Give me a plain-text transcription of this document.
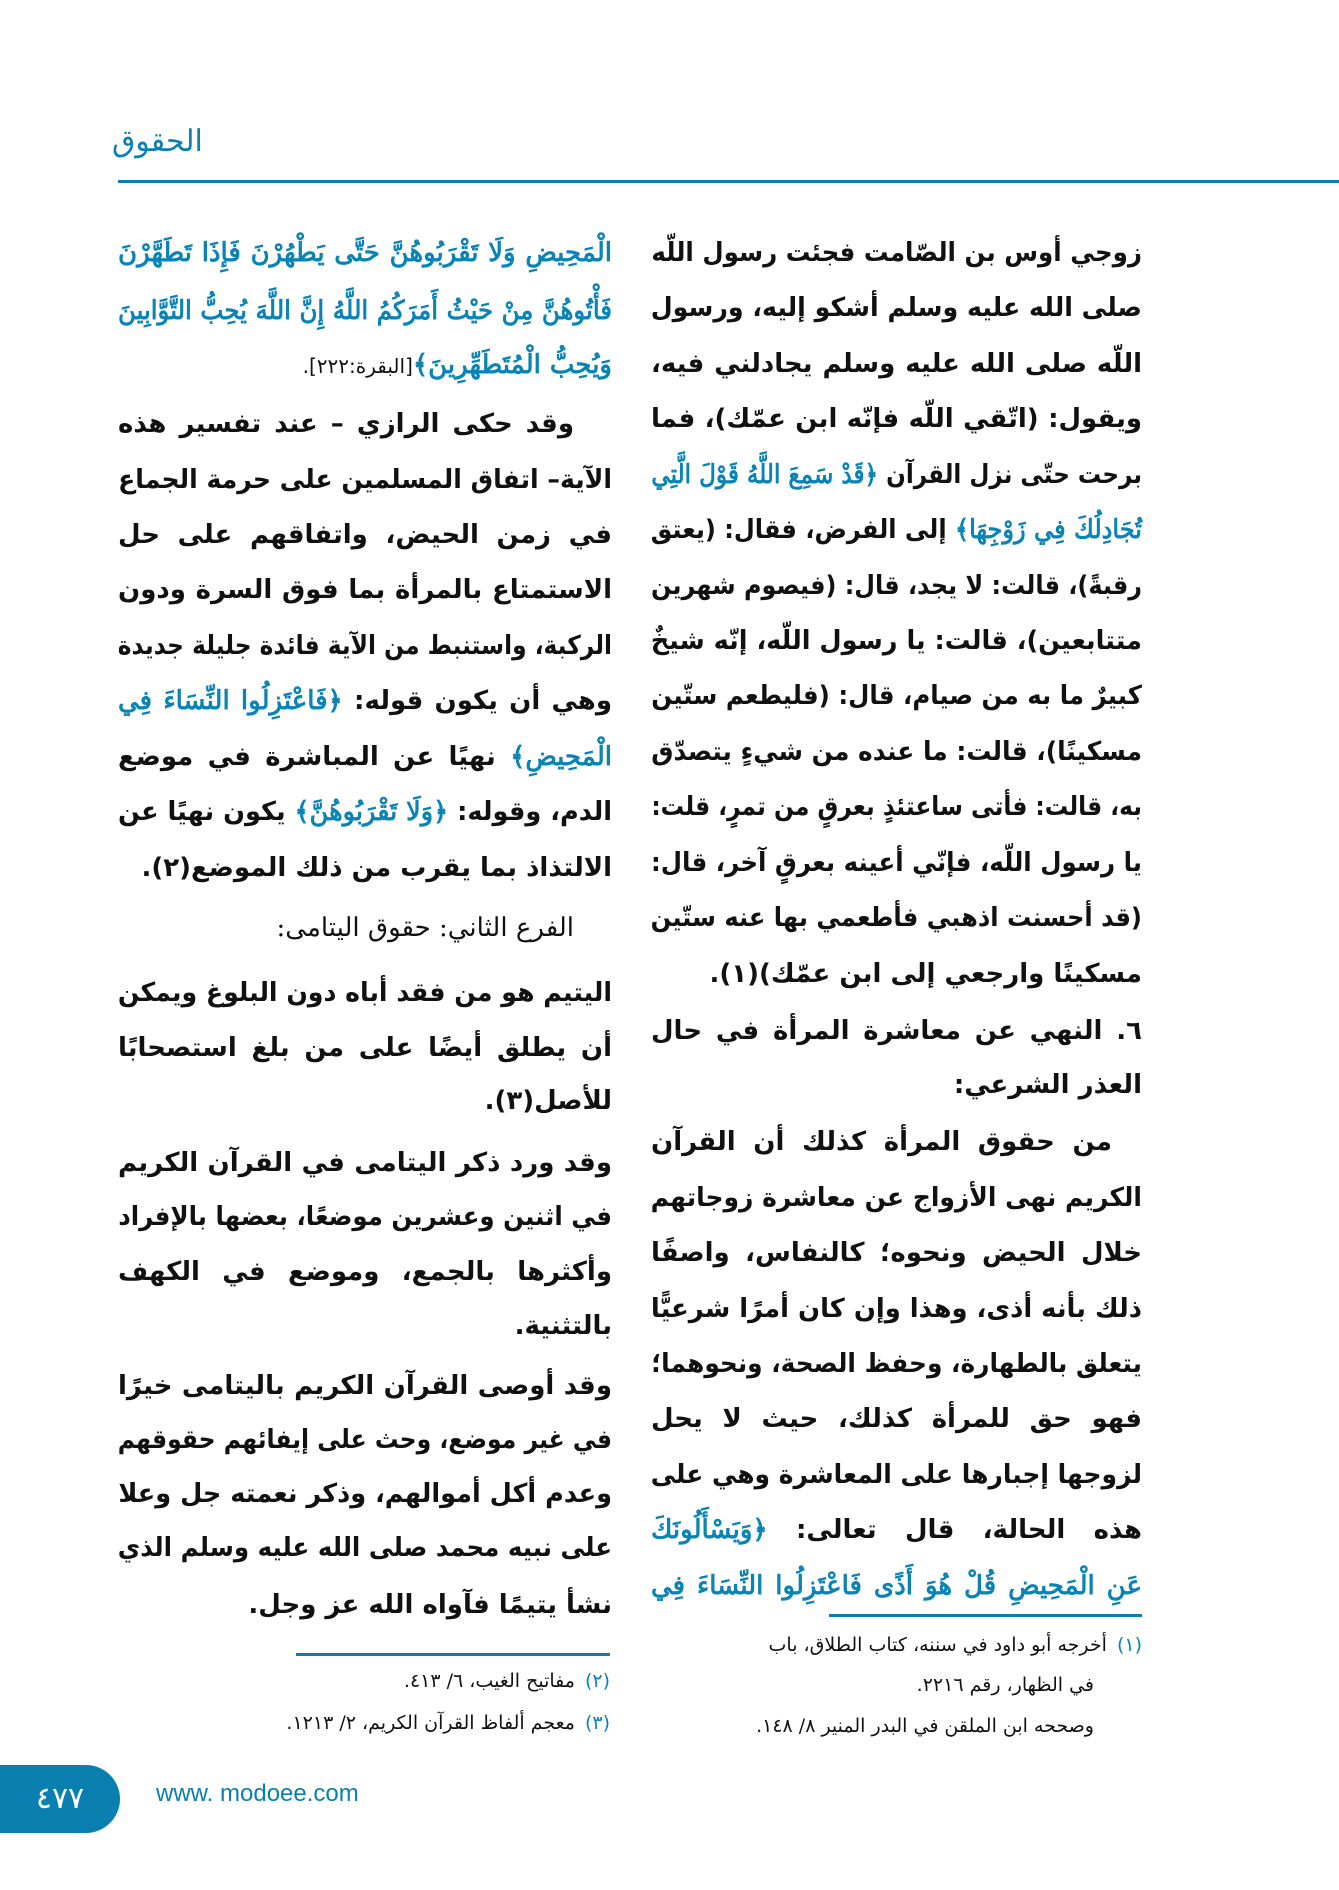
الحقوق
زوجي أوس بن الصّامت فجئت رسول اللّه
صلى الله عليه وسلم أشكو إليه، ورسول
اللّه صلى الله عليه وسلم يجادلني فيه،
ويقول: (اتّقي اللّه فإنّه ابن عمّك)، فما
برحت حتّى نزل القرآن ﴿قَدْ سَمِعَ اللَّهُ قَوْلَ الَّتِي
تُجَادِلُكَ فِي زَوْجِهَا﴾ إلى الفرض، فقال: (يعتق
رقبةً)، قالت: لا يجد، قال: (فيصوم شهرين
متتابعين)، قالت: يا رسول اللّه، إنّه شيخٌ
كبيرٌ ما به من صيام، قال: (فليطعم ستّين
مسكينًا)، قالت: ما عنده من شيءٍ يتصدّق
به، قالت: فأتى ساعتئذٍ بعرقٍ من تمرٍ، قلت:
يا رسول اللّه، فإنّي أعينه بعرقٍ آخر، قال:
(قد أحسنت اذهبي فأطعمي بها عنه ستّين
مسكينًا وارجعي إلى ابن عمّك)(١).
٦. النهي عن معاشرة المرأة في حال
العذر الشرعي:
من حقوق المرأة كذلك أن القرآن
الكريم نهى الأزواج عن معاشرة زوجاتهم
خلال الحيض ونحوه؛ كالنفاس، واصفًا
ذلك بأنه أذى، وهذا وإن كان أمرًا شرعيًّا
يتعلق بالطهارة، وحفظ الصحة، ونحوهما؛
فهو حق للمرأة كذلك، حيث لا يحل
لزوجها إجبارها على المعاشرة وهي على
هذه الحالة، قال تعالى: ﴿وَيَسْأَلُونَكَ
عَنِ الْمَحِيضِ قُلْ هُوَ أَذًى فَاعْتَزِلُوا النِّسَاءَ فِي
الْمَحِيضِ وَلَا تَقْرَبُوهُنَّ حَتَّى يَطْهُرْنَ فَإِذَا تَطَهَّرْنَ
فَأْتُوهُنَّ مِنْ حَيْثُ أَمَرَكُمُ اللَّهُ إِنَّ اللَّهَ يُحِبُّ التَّوَّابِينَ
وَيُحِبُّ الْمُتَطَهِّرِينَ﴾[البقرة:٢٢٢].
وقد حكى الرازي – عند تفسير هذه
الآية– اتفاق المسلمين على حرمة الجماع
في زمن الحيض، واتفاقهم على حل
الاستمتاع بالمرأة بما فوق السرة ودون
الركبة، واستنبط من الآية فائدة جليلة جديدة
وهي أن يكون قوله: ﴿فَاعْتَزِلُوا النِّسَاءَ فِي
الْمَحِيضِ﴾ نهيًا عن المباشرة في موضع
الدم، وقوله: ﴿وَلَا تَقْرَبُوهُنَّ﴾ يكون نهيًا عن
الالتذاذ بما يقرب من ذلك الموضع(٢).
الفرع الثاني: حقوق اليتامى:
اليتيم هو من فقد أباه دون البلوغ ويمكن
أن يطلق أيضًا على من بلغ استصحابًا
للأصل(٣).
وقد ورد ذكر اليتامى في القرآن الكريم
في اثنين وعشرين موضعًا، بعضها بالإفراد
وأكثرها بالجمع، وموضع في الكهف
بالتثنية.
وقد أوصى القرآن الكريم باليتامى خيرًا
في غير موضع، وحث على إيفائهم حقوقهم
وعدم أكل أموالهم، وذكر نعمته جل وعلا
على نبيه محمد صلى الله عليه وسلم الذي
نشأ يتيمًا فآواه الله عز وجل.
(١)أخرجه أبو داود في سننه، كتاب الطلاق، باب
في الظهار، رقم ٢٢١٦.
وصححه ابن الملقن في البدر المنير ٨/ ١٤٨.
(٢)مفاتيح الغيب، ٦/ ٤١٣.
(٣)معجم ألفاظ القرآن الكريم، ٢/ ١٢١٣.
٤٧٧	www. modoee.com
